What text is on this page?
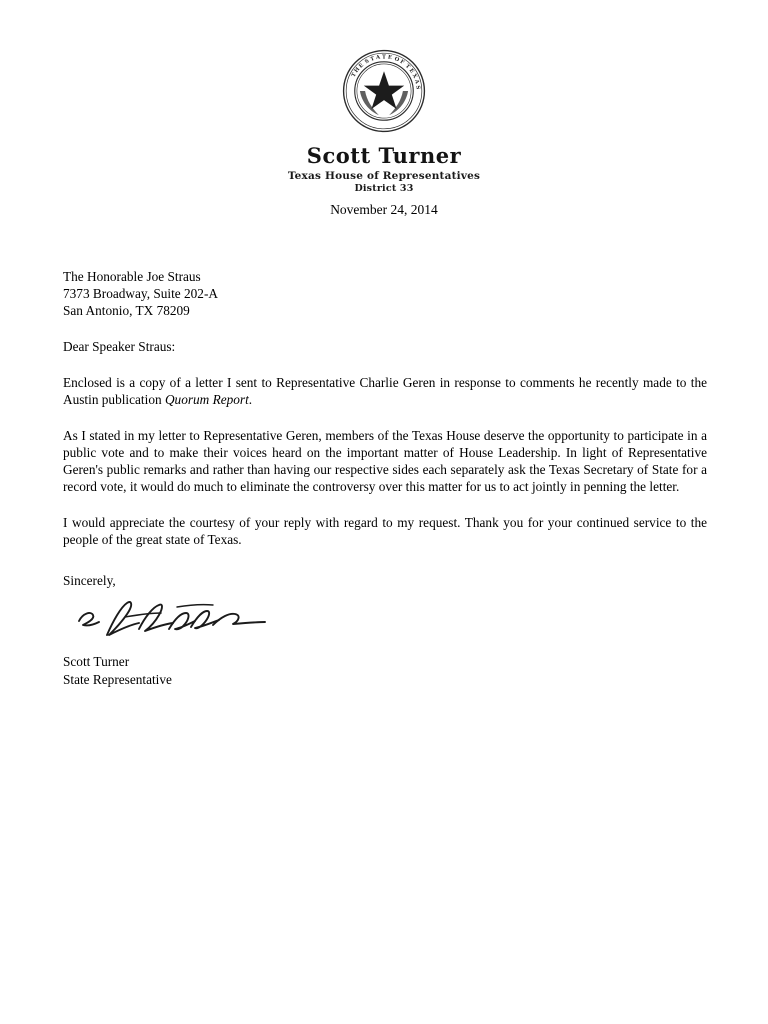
T
H
E
S T A T E O
F
T
E
X
A
S
Scott Turner
Texas House of Representatives
District 33
November 24, 2014
The Honorable Joe Straus
7373 Broadway, Suite 202-A
San Antonio, TX 78209
Dear Speaker Straus:

Enclosed is a copy of a letter I sent to Representative Charlie Geren in response to comments he recently made to the Austin publication Quorum Report.

As I stated in my letter to Representative Geren, members of the Texas House deserve the opportunity to participate in a public vote and to make their voices heard on the important matter of House Leadership. In light of Representative Geren's public remarks and rather than having our respective sides each separately ask the Texas Secretary of State for a record vote, it would do much to eliminate the controversy over this matter for us to act jointly in penning the letter.

I would appreciate the courtesy of your reply with regard to my request. Thank you for your continued service to the people of the great state of Texas.

Sincerely,
Scott Turner
State Representative
